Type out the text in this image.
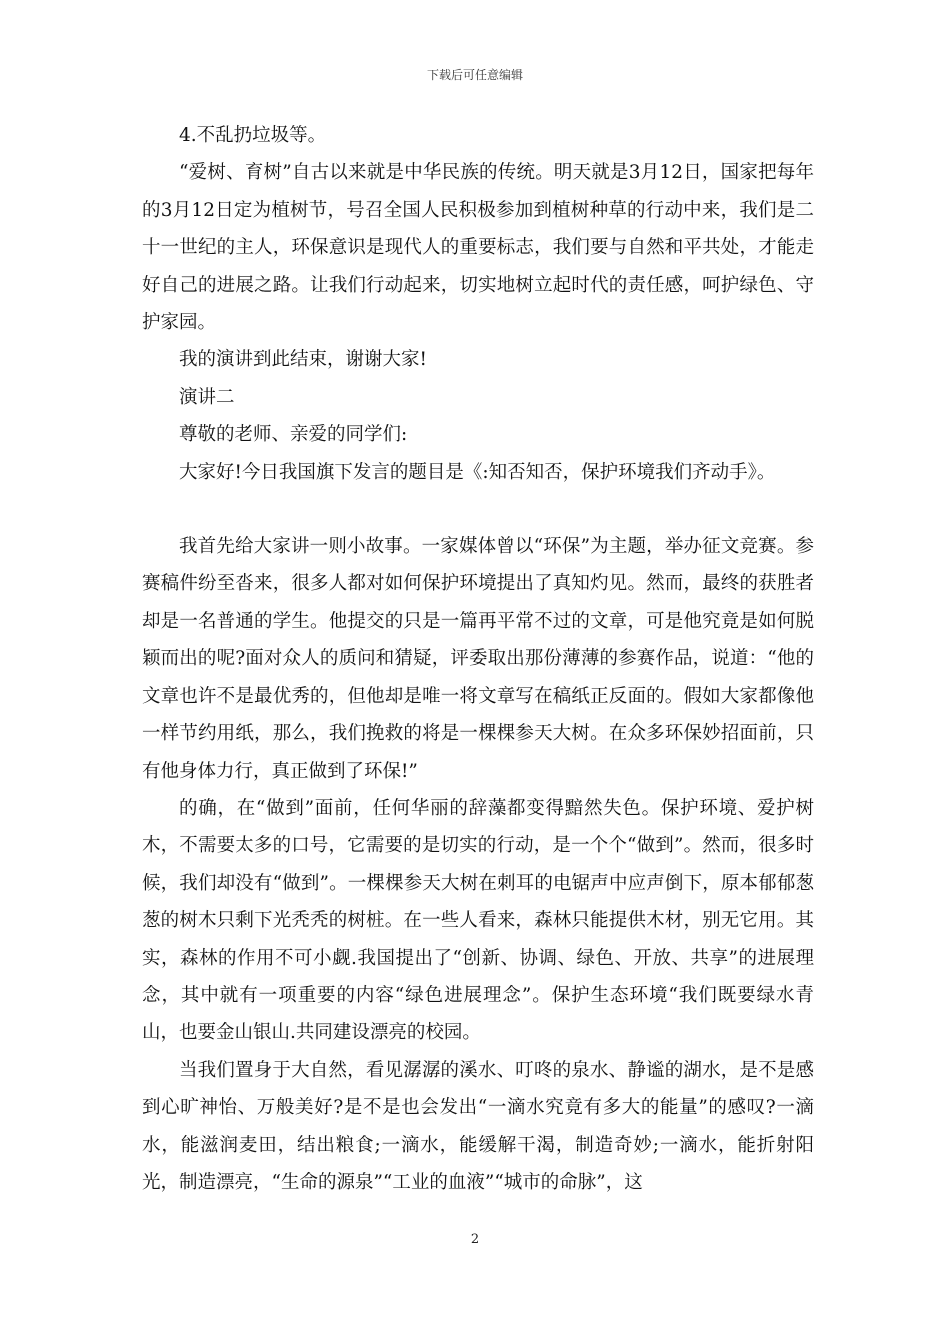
下载后可任意编辑

4.不乱扔垃圾等。

“爱树、育树”自古以来就是中华民族的传统。明天就是3月12日，国家把每年的3月12日定为植树节，号召全国人民积极参加到植树种草的行动中来，我们是二十一世纪的主人，环保意识是现代人的重要标志，我们要与自然和平共处，才能走好自己的进展之路。让我们行动起来，切实地树立起时代的责任感，呵护绿色、守护家园。

我的演讲到此结束，谢谢大家!

演讲二

尊敬的老师、亲爱的同学们:

大家好!今日我国旗下发言的题目是《:知否知否，保护环境我们齐动手》。

我首先给大家讲一则小故事。一家媒体曾以“环保”为主题，举办征文竞赛。参赛稿件纷至沓来，很多人都对如何保护环境提出了真知灼见。然而，最终的获胜者却是一名普通的学生。他提交的只是一篇再平常不过的文章，可是他究竟是如何脱颖而出的呢?面对众人的质问和猜疑，评委取出那份薄薄的参赛作品，说道：“他的文章也许不是最优秀的，但他却是唯一将文章写在稿纸正反面的。假如大家都像他一样节约用纸，那么，我们挽救的将是一棵棵参天大树。在众多环保妙招面前，只有他身体力行，真正做到了环保!”

的确，在“做到”面前，任何华丽的辞藻都变得黯然失色。保护环境、爱护树木，不需要太多的口号，它需要的是切实的行动，是一个个“做到”。然而，很多时候，我们却没有“做到”。一棵棵参天大树在刺耳的电锯声中应声倒下，原本郁郁葱葱的树木只剩下光秃秃的树桩。在一些人看来，森林只能提供木材，别无它用。其实，森林的作用不可小觑.我国提出了“创新、协调、绿色、开放、共享”的进展理念，其中就有一项重要的内容“绿色进展理念”。保护生态环境“我们既要绿水青山，也要金山银山.共同建设漂亮的校园。

当我们置身于大自然，看见潺潺的溪水、叮咚的泉水、静谧的湖水，是不是感到心旷神怡、万般美好?是不是也会发出“一滴水究竟有多大的能量”的感叹?一滴水，能滋润麦田，结出粮食;一滴水，能缓解干渴，制造奇妙;一滴水，能折射阳光，制造漂亮，“生命的源泉”“工业的血液”“城市的命脉”，这

2
